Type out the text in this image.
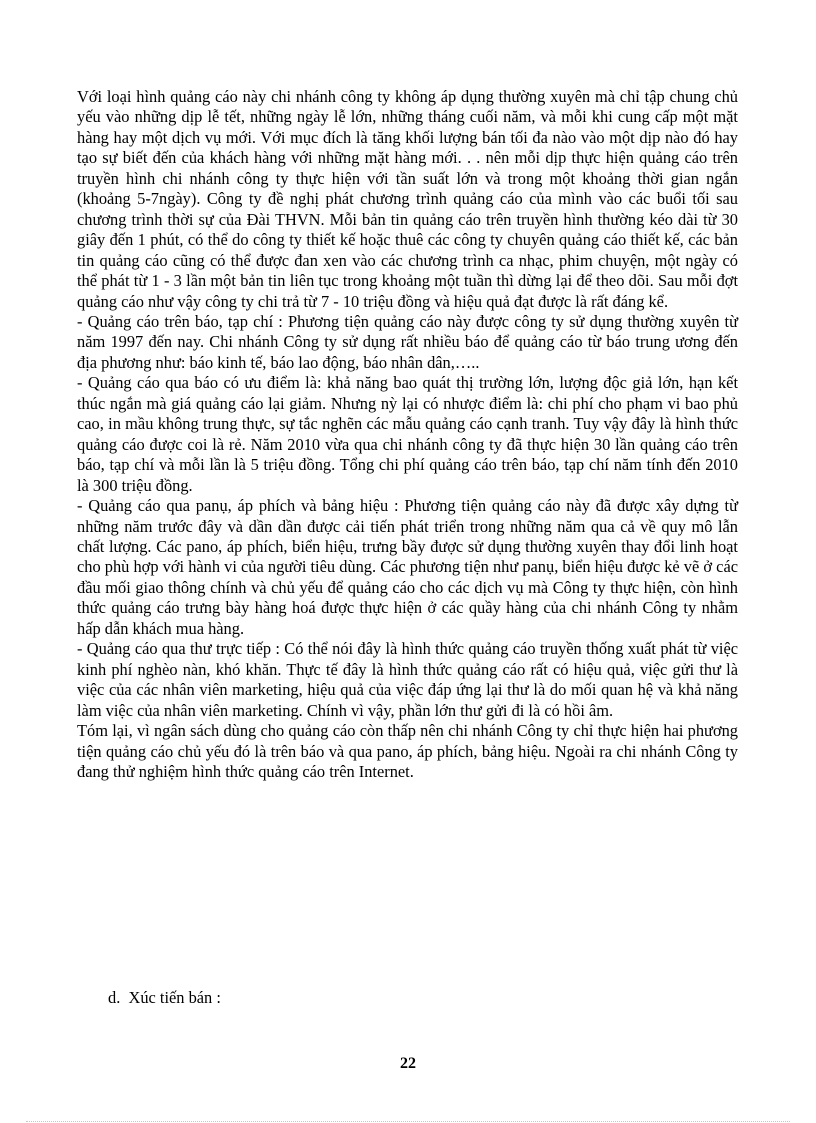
Với loại hình quảng cáo này chi nhánh công ty không áp dụng thường xuyên mà chỉ tập chung chủ yếu vào những dịp lễ tết, những ngày lễ lớn, những tháng cuối năm, và mỗi khi cung cấp một mặt hàng hay một dịch vụ mới. Với mục đích là tăng khối lượng bán tối đa nào vào một dịp nào đó hay tạo sự biết đến của khách hàng với những mặt hàng mới. . . nên mỗi dịp thực hiện quảng cáo trên truyền hình chi nhánh công ty thực hiện với tần suất lớn và trong một khoảng thời gian ngắn (khoảng 5-7ngày). Công ty đề nghị phát chương trình quảng cáo của mình vào các buổi tối sau chương trình thời sự của Đài THVN. Mỗi bản tin quảng cáo trên truyền hình thường kéo dài từ 30 giây đến 1 phút, có thể do công ty thiết kế hoặc thuê các công ty chuyên quảng cáo thiết kế, các bản tin quảng cáo cũng có thể được đan xen vào các chương trình ca nhạc, phim chuyện, một ngày có thể phát từ 1 - 3 lần một bản tin liên tục trong khoảng một tuần thì dừng lại để theo dõi. Sau mỗi đợt quảng cáo như vậy công ty chi trả từ 7 - 10 triệu đồng và hiệu quả đạt được là rất đáng kể.

- Quảng cáo trên báo, tạp chí : Phương tiện quảng cáo này được công ty sử dụng thường xuyên từ năm 1997 đến nay. Chi nhánh Công ty sử dụng rất nhiều báo để quảng cáo từ báo trung ương đến địa phương như: báo kinh tế, báo lao động, báo nhân dân,…..

- Quảng cáo qua báo có ưu điểm là: khả năng bao quát thị trường lớn, lượng độc giả lớn, hạn kết thúc ngắn mà giá quảng cáo lại giảm. Nhưng nỳ lại có nhược điểm là: chi phí cho phạm vi bao phủ cao, in mầu không trung thực, sự tắc nghẽn các mẫu quảng cáo cạnh tranh. Tuy vậy đây là hình thức quảng cáo được coi là rẻ. Năm 2010 vừa qua chi nhánh công ty đã thực hiện 30 lần quảng cáo trên báo, tạp chí và mỗi lần là 5 triệu đồng. Tổng chi phí quảng cáo trên báo, tạp chí năm tính đến 2010 là 300 triệu đồng.

- Quảng cáo qua panụ, áp phích và bảng hiệu : Phương tiện quảng cáo này đã được xây dựng từ những năm trước đây và dần dần được cải tiến phát triển trong những năm qua cả về quy mô lẫn chất lượng. Các pano, áp phích, biển hiệu, trưng bầy được sử dụng thường xuyên thay đổi linh hoạt cho phù hợp với hành vi của người tiêu dùng. Các phương tiện như panụ, biển hiệu được kẻ vẽ ở các đầu mối giao thông chính và chủ yếu để quảng cáo cho các dịch vụ mà Công ty thực hiện, còn hình thức quảng cáo trưng bày hàng hoá được thực hiện ở các quầy hàng của chi nhánh Công ty nhằm hấp dẫn khách mua hàng.

- Quảng cáo qua thư trực tiếp : Có thể nói đây là hình thức quảng cáo truyền thống xuất phát từ việc kinh phí nghèo nàn, khó khăn. Thực tế đây là hình thức quảng cáo rất có hiệu quả, việc gửi thư là việc của các nhân viên marketing, hiệu quả của việc đáp ứng lại thư là do mối quan hệ và khả năng làm việc của nhân viên marketing. Chính vì vậy, phần lớn thư gửi đi là có hồi âm.

Tóm lại, vì ngân sách dùng cho quảng cáo còn thấp nên chi nhánh Công ty chỉ thực hiện hai phương tiện quảng cáo chủ yếu đó là trên báo và qua pano, áp phích, bảng hiệu. Ngoài ra chi nhánh Công ty đang thử nghiệm hình thức quảng cáo trên Internet.

d.  Xúc tiến bán :
22
